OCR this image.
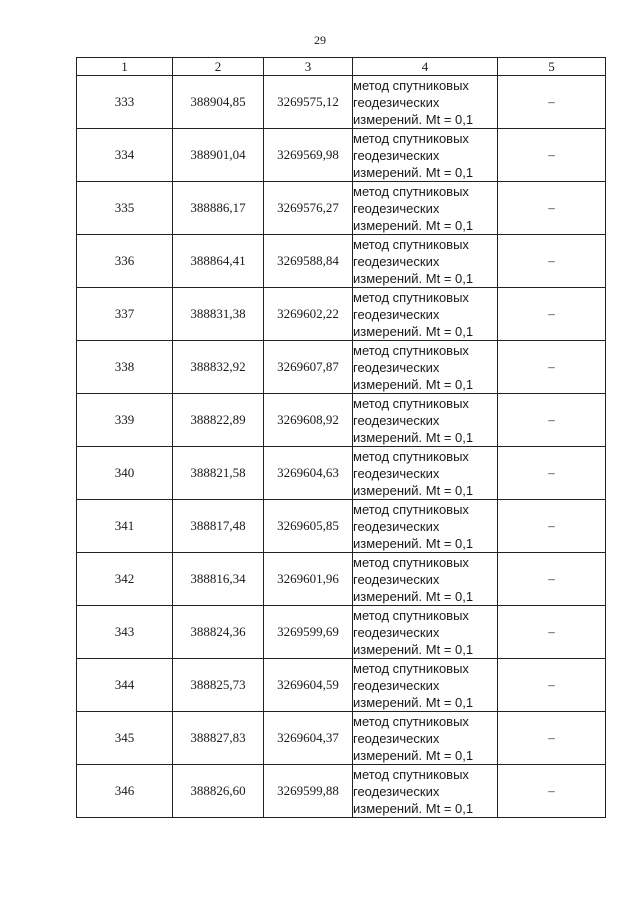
29
1	2	3	4	5
333	388904,85	3269575,12	метод спутниковых
геодезических
измерений. Mt = 0,1	–
334	388901,04	3269569,98	метод спутниковых
геодезических
измерений. Mt = 0,1	–
335	388886,17	3269576,27	метод спутниковых
геодезических
измерений. Mt = 0,1	–
336	388864,41	3269588,84	метод спутниковых
геодезических
измерений. Mt = 0,1	–
337	388831,38	3269602,22	метод спутниковых
геодезических
измерений. Mt = 0,1	–
338	388832,92	3269607,87	метод спутниковых
геодезических
измерений. Mt = 0,1	–
339	388822,89	3269608,92	метод спутниковых
геодезических
измерений. Mt = 0,1	–
340	388821,58	3269604,63	метод спутниковых
геодезических
измерений. Mt = 0,1	–
341	388817,48	3269605,85	метод спутниковых
геодезических
измерений. Mt = 0,1	–
342	388816,34	3269601,96	метод спутниковых
геодезических
измерений. Mt = 0,1	–
343	388824,36	3269599,69	метод спутниковых
геодезических
измерений. Mt = 0,1	–
344	388825,73	3269604,59	метод спутниковых
геодезических
измерений. Mt = 0,1	–
345	388827,83	3269604,37	метод спутниковых
геодезических
измерений. Mt = 0,1	–
346	388826,60	3269599,88	метод спутниковых
геодезических
измерений. Mt = 0,1	–
